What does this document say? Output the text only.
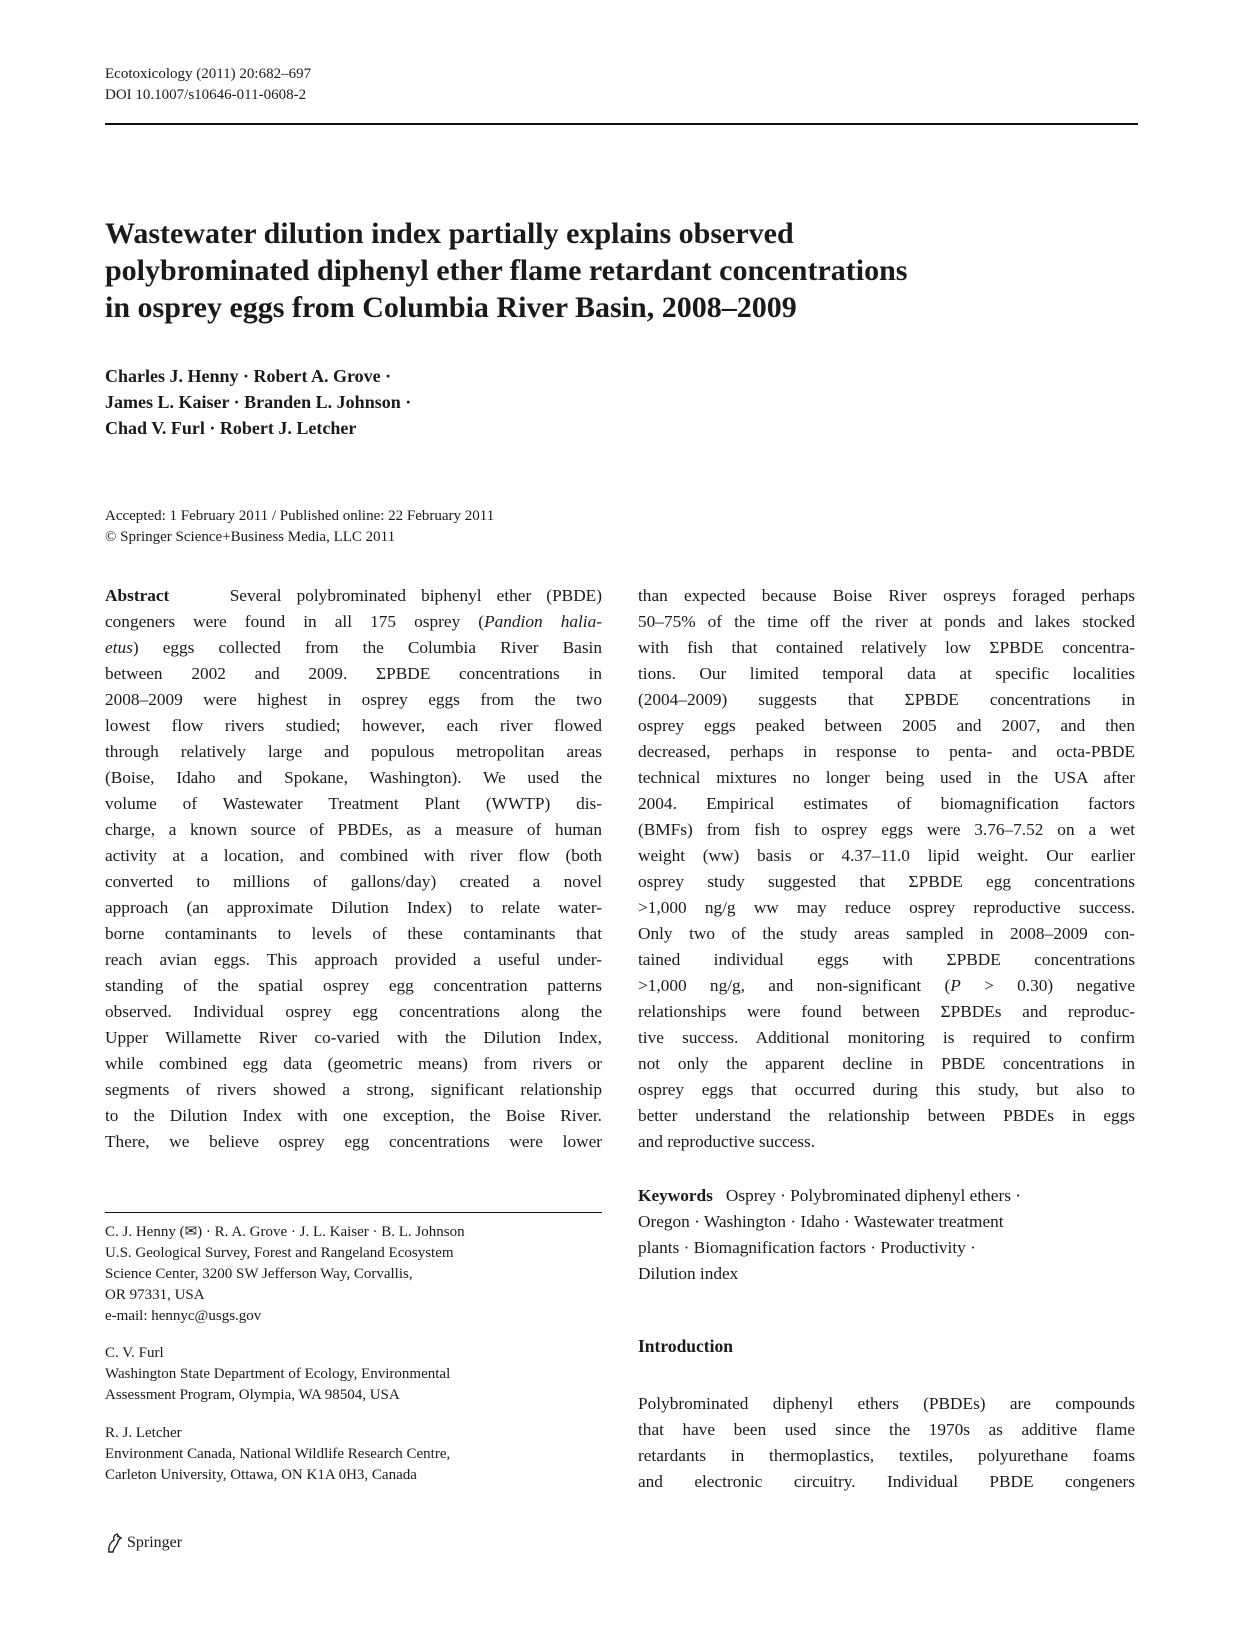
Ecotoxicology (2011) 20:682–697
DOI 10.1007/s10646-011-0608-2
Wastewater dilution index partially explains observed
polybrominated diphenyl ether flame retardant concentrations
in osprey eggs from Columbia River Basin, 2008–2009
Charles J. Henny · Robert A. Grove ·
James L. Kaiser · Branden L. Johnson ·
Chad V. Furl · Robert J. Letcher
Accepted: 1 February 2011 / Published online: 22 February 2011
© Springer Science+Business Media, LLC 2011
Abstract	Several polybrominated biphenyl ether (PBDE)
congeners were found in all 175 osprey (Pandion halia-
etus) eggs collected from the Columbia River Basin
between 2002 and 2009. ΣPBDE concentrations in
2008–2009 were highest in osprey eggs from the two
lowest flow rivers studied; however, each river flowed
through relatively large and populous metropolitan areas
(Boise, Idaho and Spokane, Washington). We used the
volume of Wastewater Treatment Plant (WWTP) dis-
charge, a known source of PBDEs, as a measure of human
activity at a location, and combined with river flow (both
converted to millions of gallons/day) created a novel
approach (an approximate Dilution Index) to relate water-
borne contaminants to levels of these contaminants that
reach avian eggs. This approach provided a useful under-
standing of the spatial osprey egg concentration patterns
observed. Individual osprey egg concentrations along the
Upper Willamette River co-varied with the Dilution Index,
while combined egg data (geometric means) from rivers or
segments of rivers showed a strong, significant relationship
to the Dilution Index with one exception, the Boise River.
There, we believe osprey egg concentrations were lower
than expected because Boise River ospreys foraged perhaps
50–75% of the time off the river at ponds and lakes stocked
with fish that contained relatively low ΣPBDE concentra-
tions. Our limited temporal data at specific localities
(2004–2009) suggests that ΣPBDE concentrations in
osprey eggs peaked between 2005 and 2007, and then
decreased, perhaps in response to penta- and octa-PBDE
technical mixtures no longer being used in the USA after
2004. Empirical estimates of biomagnification factors
(BMFs) from fish to osprey eggs were 3.76–7.52 on a wet
weight (ww) basis or 4.37–11.0 lipid weight. Our earlier
osprey study suggested that ΣPBDE egg concentrations
>1,000 ng/g ww may reduce osprey reproductive success.
Only two of the study areas sampled in 2008–2009 con-
tained individual eggs with ΣPBDE concentrations
>1,000 ng/g, and non-significant (P > 0.30) negative
relationships were found between ΣPBDEs and reproduc-
tive success. Additional monitoring is required to confirm
not only the apparent decline in PBDE concentrations in
osprey eggs that occurred during this study, but also to
better understand the relationship between PBDEs in eggs
and reproductive success.
Keywords Osprey · Polybrominated diphenyl ethers ·
Oregon · Washington · Idaho · Wastewater treatment
plants · Biomagnification factors · Productivity ·
Dilution index
Introduction
Polybrominated diphenyl ethers (PBDEs) are compounds
that have been used since the 1970s as additive flame
retardants in thermoplastics, textiles, polyurethane foams
and electronic circuitry. Individual PBDE congeners
C. J. Henny (✉) · R. A. Grove · J. L. Kaiser · B. L. Johnson
U.S. Geological Survey, Forest and Rangeland Ecosystem
Science Center, 3200 SW Jefferson Way, Corvallis,
OR 97331, USA
e-mail: hennyc@usgs.gov
C. V. Furl
Washington State Department of Ecology, Environmental
Assessment Program, Olympia, WA 98504, USA
R. J. Letcher
Environment Canada, National Wildlife Research Centre,
Carleton University, Ottawa, ON K1A 0H3, Canada
Springer
